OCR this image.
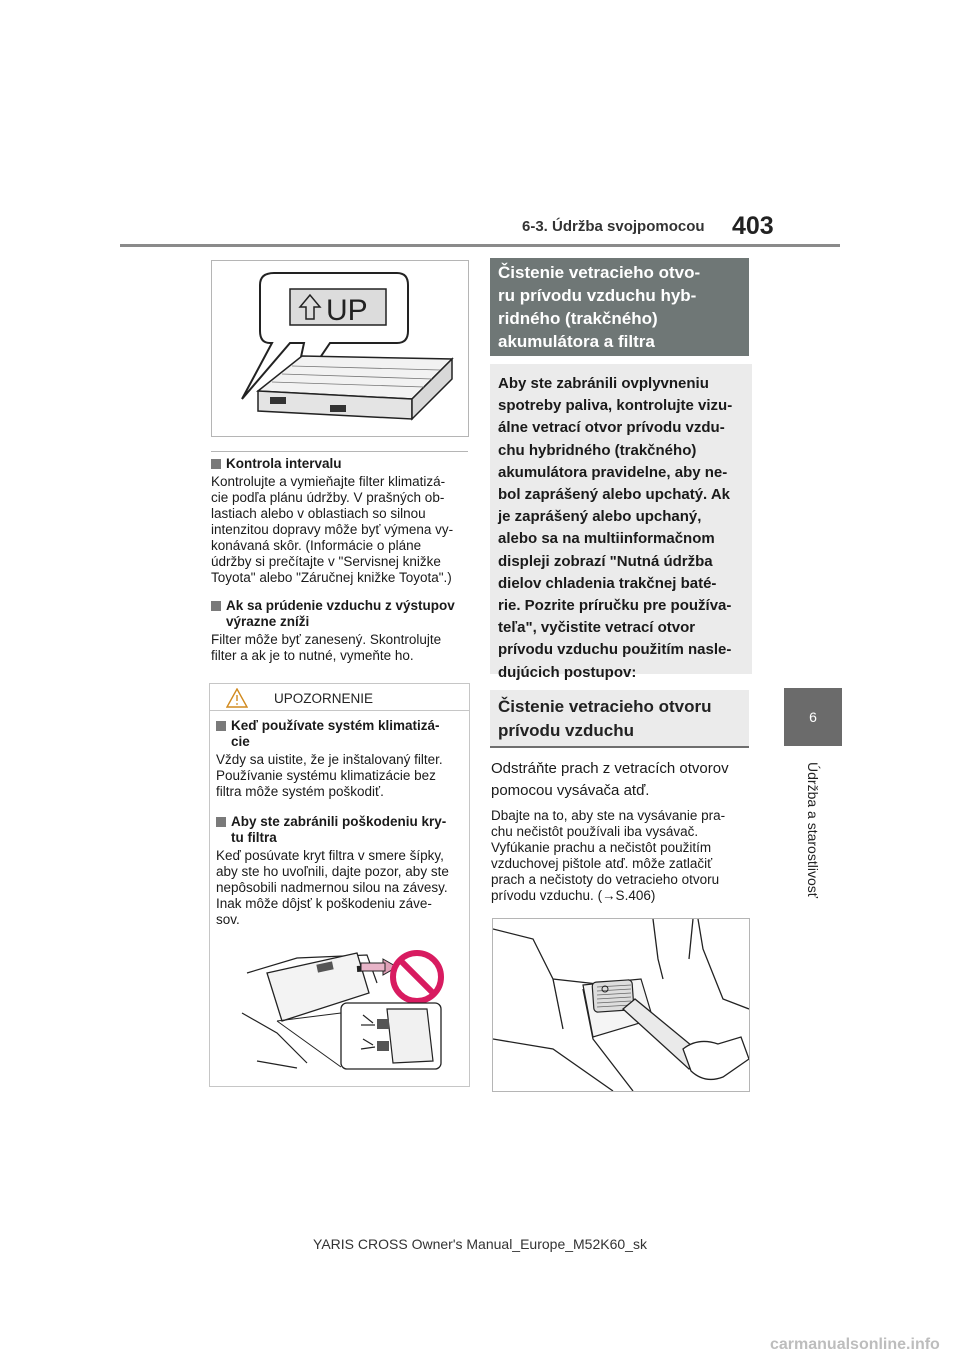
6-3. Údržba svojpomocou 403
6
Údržba a starostlivosť
UP
Kontrola intervalu
Kontrolujte a vymieňajte filter klimatizá-
cie podľa plánu údržby. V prašných ob-
lastiach alebo v oblastiach so silnou
intenzitou dopravy môže byť výmena vy-
konávaná skôr. (Informácie o pláne
údržby si prečítajte v "Servisnej knižke
Toyota" alebo "Záručnej knižke Toyota".)
Ak sa prúdenie vzduchu z výstupov
výrazne zníži
Filter môže byť zanesený. Skontrolujte
filter a ak je to nutné, vymeňte ho.
UPOZORNENIE
Keď používate systém klimatizá-
cie
Vždy sa uistite, že je inštalovaný filter.
Používanie systému klimatizácie bez
filtra môže systém poškodiť.
Aby ste zabránili poškodeniu kry-
tu filtra
Keď posúvate kryt filtra v smere šípky,
aby ste ho uvoľnili, dajte pozor, aby ste
nepôsobili nadmernou silou na závesy.
Inak môže dôjsť k poškodeniu záve-
sov.
Čistenie vetracieho otvo-
ru prívodu vzduchu hyb-
ridného (trakčného)
akumulátora a filtra
Aby ste zabránili ovplyvneniu
spotreby paliva, kontrolujte vizu-
álne vetrací otvor prívodu vzdu-
chu hybridného (trakčného)
akumulátora pravidelne, aby ne-
bol zaprášený alebo upchatý. Ak
je zaprášený alebo upchaný,
alebo sa na multiinformačnom
displeji zobrazí "Nutná údržba
dielov chladenia trakčnej baté-
rie. Pozrite príručku pre používa-
teľa", vyčistite vetrací otvor
prívodu vzduchu použitím nasle-
dujúcich postupov:
Čistenie vetracieho otvoru
prívodu vzduchu
Odstráňte prach z vetracích otvorov
pomocou vysávača atď.
Dbajte na to, aby ste na vysávanie pra-
chu nečistôt používali iba vysávač.
Vyfúkanie prachu a nečistôt použitím
vzduchovej pištole atď. môže zatlačiť
prach a nečistoty do vetracieho otvoru
prívodu vzduchu. (→S.406)
YARIS CROSS Owner's Manual_Europe_M52K60_sk
carmanualsonline.info
